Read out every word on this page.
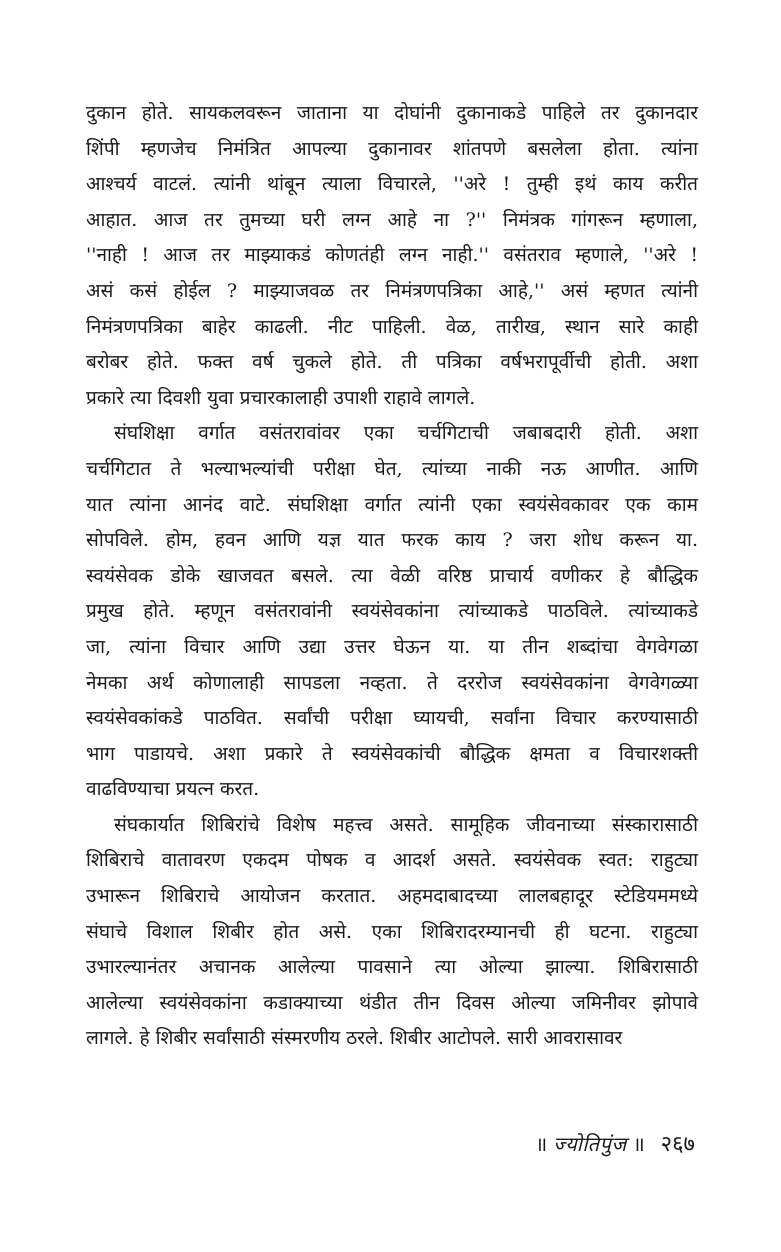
दुकान होते. सायकलवरून जाताना या दोघांनी दुकानाकडे पाहिले तर दुकानदार
शिंपी म्हणजेच निमंत्रित आपल्या दुकानावर शांतपणे बसलेला होता. त्यांना
आश्चर्य वाटलं. त्यांनी थांबून त्याला विचारले, ''अरे ! तुम्ही इथं काय करीत
आहात. आज तर तुमच्या घरी लग्न आहे ना ?'' निमंत्रक गांगरून म्हणाला,
''नाही ! आज तर माझ्याकडं कोणतंही लग्न नाही.'' वसंतराव म्हणाले, ''अरे !
असं कसं होईल ? माझ्याजवळ तर निमंत्रणपत्रिका आहे,'' असं म्हणत त्यांनी
निमंत्रणपत्रिका बाहेर काढली. नीट पाहिली. वेळ, तारीख, स्थान सारे काही
बरोबर होते. फक्त वर्ष चुकले होते. ती पत्रिका वर्षभरापूर्वीची होती. अशा
प्रकारे त्या दिवशी युवा प्रचारकालाही उपाशी राहावे लागले.

संघशिक्षा वर्गात वसंतरावांवर एका चर्चगिटाची जबाबदारी होती. अशा
चर्चगिटात ते भल्याभल्यांची परीक्षा घेत, त्यांच्या नाकी नऊ आणीत. आणि
यात त्यांना आनंद वाटे. संघशिक्षा वर्गात त्यांनी एका स्वयंसेवकावर एक काम
सोपविले. होम, हवन आणि यज्ञ यात फरक काय ? जरा शोध करून या.
स्वयंसेवक डोके खाजवत बसले. त्या वेळी वरिष्ठ प्राचार्य वणीकर हे बौद्धिक
प्रमुख होते. म्हणून वसंतरावांनी स्वयंसेवकांना त्यांच्याकडे पाठविले. त्यांच्याकडे
जा, त्यांना विचार आणि उद्या उत्तर घेऊन या. या तीन शब्दांचा वेगवेगळा
नेमका अर्थ कोणालाही सापडला नव्हता. ते दररोज स्वयंसेवकांना वेगवेगळ्या
स्वयंसेवकांकडे पाठवित. सर्वांची परीक्षा घ्यायची, सर्वांना विचार करण्यासाठी
भाग पाडायचे. अशा प्रकारे ते स्वयंसेवकांची बौद्धिक क्षमता व विचारशक्ती
वाढविण्याचा प्रयत्न करत.

संघकार्यात शिबिरांचे विशेष महत्त्व असते. सामूहिक जीवनाच्या संस्कारासाठी
शिबिराचे वातावरण एकदम पोषक व आदर्श असते. स्वयंसेवक स्वत: राहुट्या
उभारून शिबिराचे आयोजन करतात. अहमदाबादच्या लालबहादूर स्टेडियममध्ये
संघाचे विशाल शिबीर होत असे. एका शिबिरादरम्यानची ही घटना. राहुट्या
उभारल्यानंतर अचानक आलेल्या पावसाने त्या ओल्या झाल्या. शिबिरासाठी
आलेल्या स्वयंसेवकांना कडाक्याच्या थंडीत तीन दिवस ओल्या जमिनीवर झोपावे
लागले. हे शिबीर सर्वांसाठी संस्मरणीय ठरले. शिबीर आटोपले. सारी आवरासावर

॥ ज्योतिपुंज ॥ २६७
